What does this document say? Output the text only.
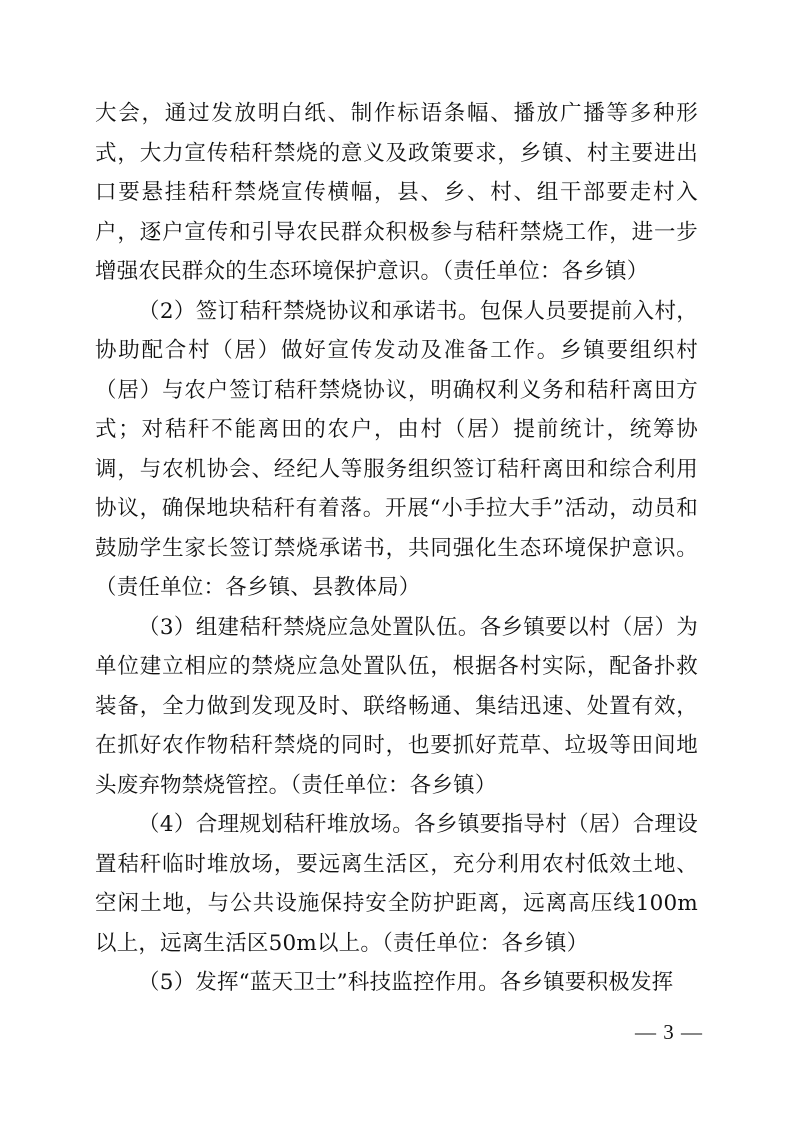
大会，通过发放明白纸、制作标语条幅、播放广播等多种形式，大力宣传秸秆禁烧的意义及政策要求，乡镇、村主要进出口要悬挂秸秆禁烧宣传横幅，县、乡、村、组干部要走村入户，逐户宣传和引导农民群众积极参与秸秆禁烧工作，进一步增强农民群众的生态环境保护意识。（责任单位：各乡镇）

（2）签订秸秆禁烧协议和承诺书。包保人员要提前入村，协助配合村（居）做好宣传发动及准备工作。乡镇要组织村（居）与农户签订秸秆禁烧协议，明确权利义务和秸秆离田方式；对秸秆不能离田的农户，由村（居）提前统计，统筹协调，与农机协会、经纪人等服务组织签订秸秆离田和综合利用协议，确保地块秸秆有着落。开展“小手拉大手”活动，动员和鼓励学生家长签订禁烧承诺书，共同强化生态环境保护意识。（责任单位：各乡镇、县教体局）

（3）组建秸秆禁烧应急处置队伍。各乡镇要以村（居）为单位建立相应的禁烧应急处置队伍，根据各村实际，配备扑救装备，全力做到发现及时、联络畅通、集结迅速、处置有效，在抓好农作物秸秆禁烧的同时，也要抓好荒草、垃圾等田间地头废弃物禁烧管控。（责任单位：各乡镇）

（4）合理规划秸秆堆放场。各乡镇要指导村（居）合理设置秸秆临时堆放场，要远离生活区，充分利用农村低效土地、空闲土地，与公共设施保持安全防护距离，远离高压线100m以上，远离生活区50m以上。（责任单位：各乡镇）

（5）发挥“蓝天卫士”科技监控作用。各乡镇要积极发挥

— 3 —
